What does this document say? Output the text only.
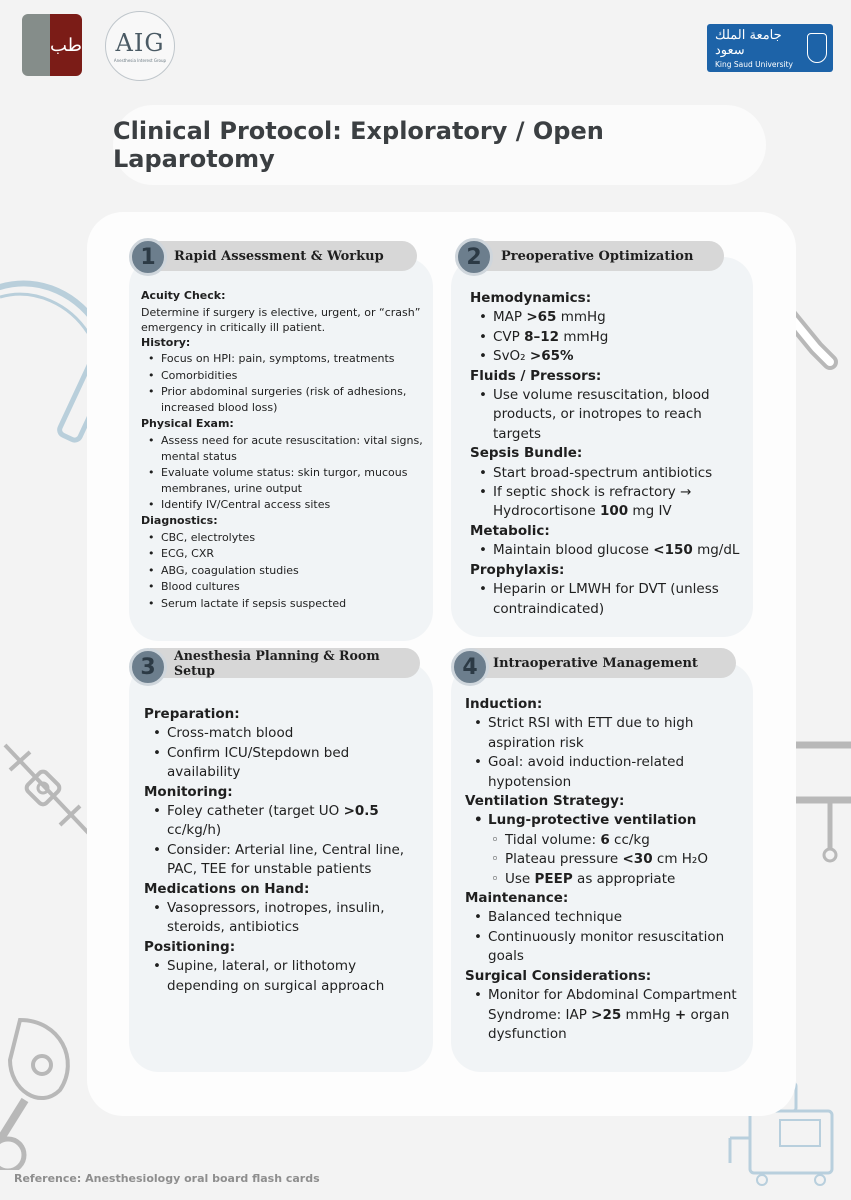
طب AIG
Anesthesia Interest Group
جامعة الملك سعود
King Saud University
Clinical Protocol: Exploratory / Open Laparotomy
Rapid Assessment & Workup
1
Acuity Check:
Determine if surgery is elective, urgent, or “crash” emergency in critically ill patient.
History:
• Focus on HPI: pain, symptoms, treatments
• Comorbidities
• Prior abdominal surgeries (risk of adhesions, increased blood loss)
Physical Exam:
• Assess need for acute resuscitation: vital signs, mental status
• Evaluate volume status: skin turgor, mucous membranes, urine output
• Identify IV/Central access sites
Diagnostics:
• CBC, electrolytes
• ECG, CXR
• ABG, coagulation studies
• Blood cultures
• Serum lactate if sepsis suspected
Preoperative Optimization
2
Hemodynamics:
• MAP >65 mmHg
• CVP 8–12 mmHg
• SvO₂ >65%
Fluids / Pressors:
• Use volume resuscitation, blood products, or inotropes to reach targets
Sepsis Bundle:
• Start broad-spectrum antibiotics
• If septic shock is refractory → Hydrocortisone 100 mg IV
Metabolic:
• Maintain blood glucose <150 mg/dL
Prophylaxis:
• Heparin or LMWH for DVT (unless contraindicated)
Anesthesia Planning & Room Setup
3
Preparation:
• Cross-match blood
• Confirm ICU/Stepdown bed availability
Monitoring:
• Foley catheter (target UO >0.5 cc/kg/h)
• Consider: Arterial line, Central line, PAC, TEE for unstable patients
Medications on Hand:
• Vasopressors, inotropes, insulin, steroids, antibiotics
Positioning:
• Supine, lateral, or lithotomy depending on surgical approach
Intraoperative Management
4
Induction:
• Strict RSI with ETT due to high aspiration risk
• Goal: avoid induction-related hypotension
Ventilation Strategy:
• Lung-protective ventilation
◦ Tidal volume: 6 cc/kg
◦ Plateau pressure <30 cm H₂O
◦ Use PEEP as appropriate
Maintenance:
• Balanced technique
• Continuously monitor resuscitation goals
Surgical Considerations:
• Monitor for Abdominal Compartment Syndrome: IAP >25 mmHg + organ dysfunction
Reference: Anesthesiology oral board flash cards
